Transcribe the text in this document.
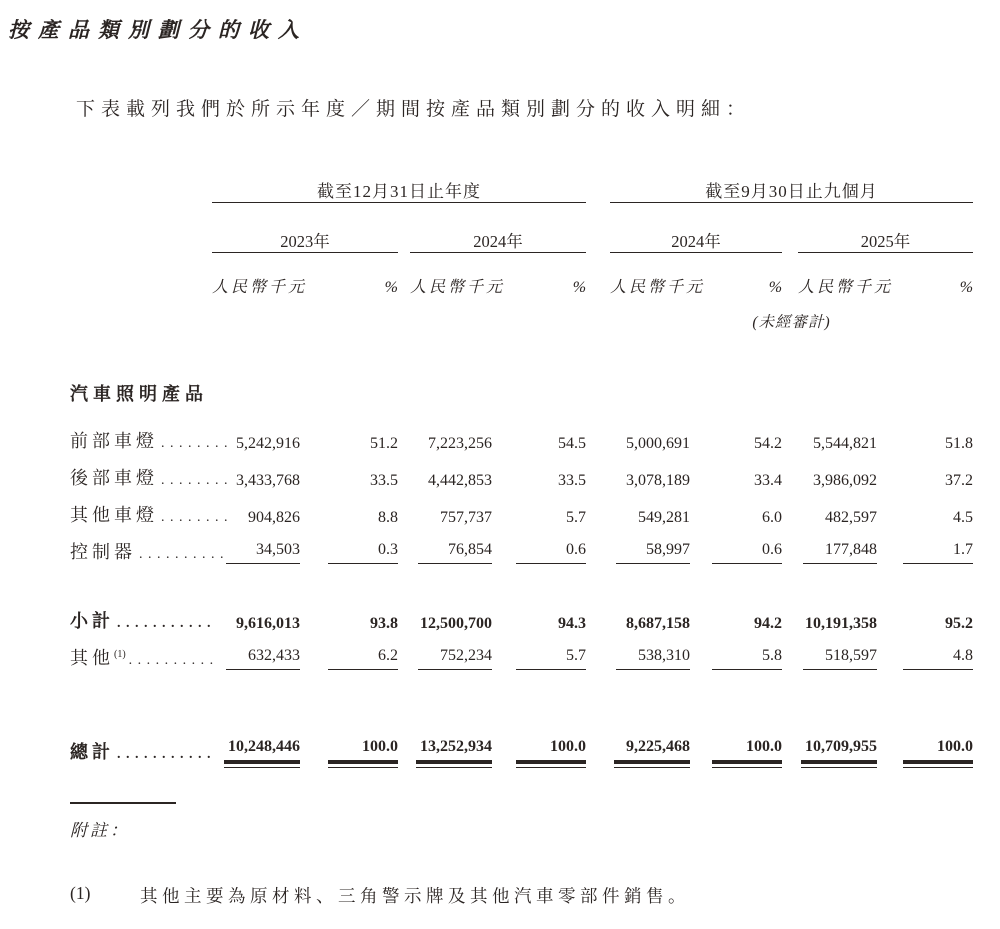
按產品類別劃分的收入
下表載列我們於所示年度／期間按產品類別劃分的收入明細：
	截至12月31日止年度						截至9月30日止九個月				
	2023年			2024年			2024年			2025年	
	人民幣千元	%		人民幣千元	%		人民幣千元	%		人民幣千元	%
							(未經審計)				

汽車照明產品											
前部車燈 ........	5,242,916	51.2		7,223,256	54.5		5,000,691	54.2		5,544,821	51.8
後部車燈 ........	3,433,768	33.5		4,442,853	33.5		3,078,189	33.4		3,986,092	37.2
其他車燈 ........	904,826	8.8		757,737	5.7		549,281	6.0		482,597	4.5
控制器 ..........	34,503	0.3		76,854	0.6		58,997	0.6		177,848	1.7

小計 ...........	9,616,013	93.8		12,500,700	94.3		8,687,158	94.2		10,191,358	95.2
其他$^{(1)}$ ..........	632,433	6.2		752,234	5.7		538,310	5.8		518,597	4.8

總計 ...........	10,248,446	100.0		13,252,934	100.0		9,225,468	100.0		10,709,955	100.0
附註：
(1)	其他主要為原材料、三角警示牌及其他汽車零部件銷售。
